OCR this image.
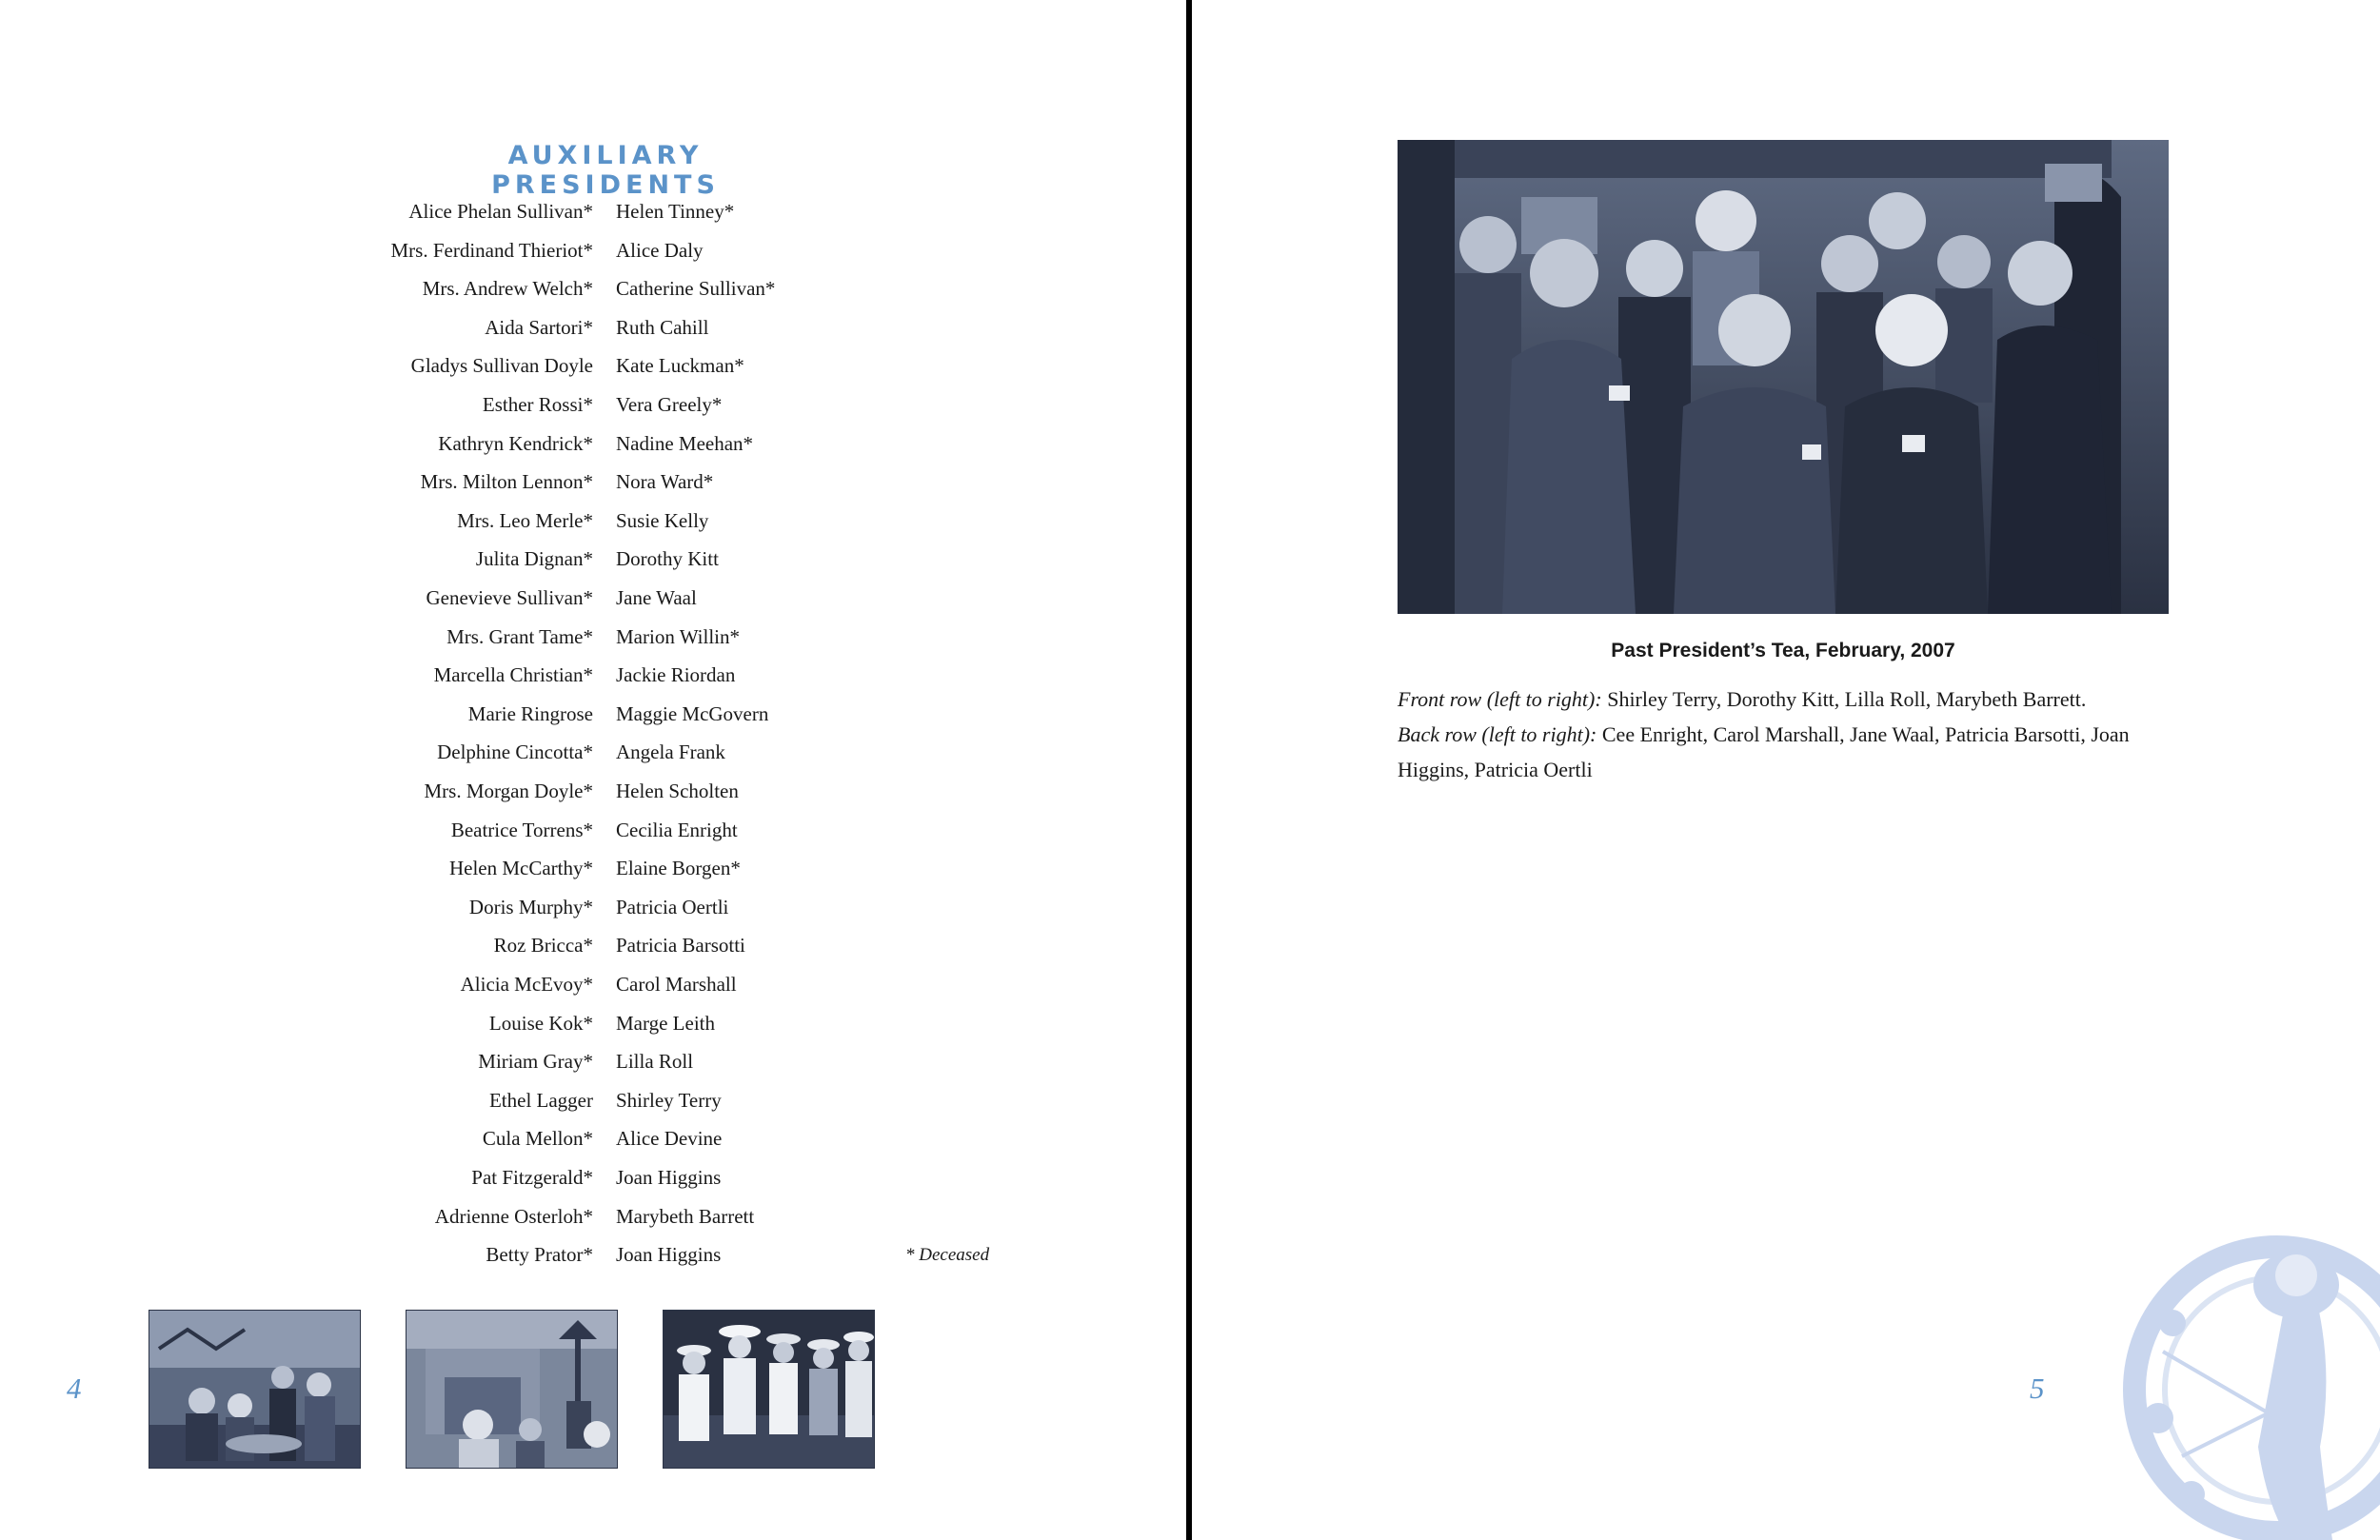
AUXILIARY PRESIDENTS
Alice Phelan Sullivan* Helen Tinney*
Mrs. Ferdinand Thieriot* Alice Daly
Mrs. Andrew Welch* Catherine Sullivan*
Aida Sartori* Ruth Cahill
Gladys Sullivan Doyle Kate Luckman*
Esther Rossi* Vera Greely*
Kathryn Kendrick* Nadine Meehan*
Mrs. Milton Lennon* Nora Ward*
Mrs. Leo Merle* Susie Kelly
Julita Dignan* Dorothy Kitt
Genevieve Sullivan* Jane Waal
Mrs. Grant Tame* Marion Willin*
Marcella Christian* Jackie Riordan
Marie Ringrose Maggie McGovern
Delphine Cincotta* Angela Frank
Mrs. Morgan Doyle* Helen Scholten
Beatrice Torrens* Cecilia Enright
Helen McCarthy* Elaine Borgen*
Doris Murphy* Patricia Oertli
Roz Bricca* Patricia Barsotti
Alicia McEvoy* Carol Marshall
Louise Kok* Marge Leith
Miriam Gray* Lilla Roll
Ethel Lagger Shirley Terry
Cula Mellon* Alice Devine
Pat Fitzgerald* Joan Higgins
Adrienne Osterloh* Marybeth Barrett
Betty Prator* Joan Higgins	* Deceased
4
Past President’s Tea, February, 2007
Front row (left to right): Shirley Terry, Dorothy Kitt, Lilla Roll, Marybeth Barrett.
Back row (left to right): Cee Enright, Carol Marshall, Jane Waal, Patricia Barsotti, Joan Higgins, Patricia Oertli
5
